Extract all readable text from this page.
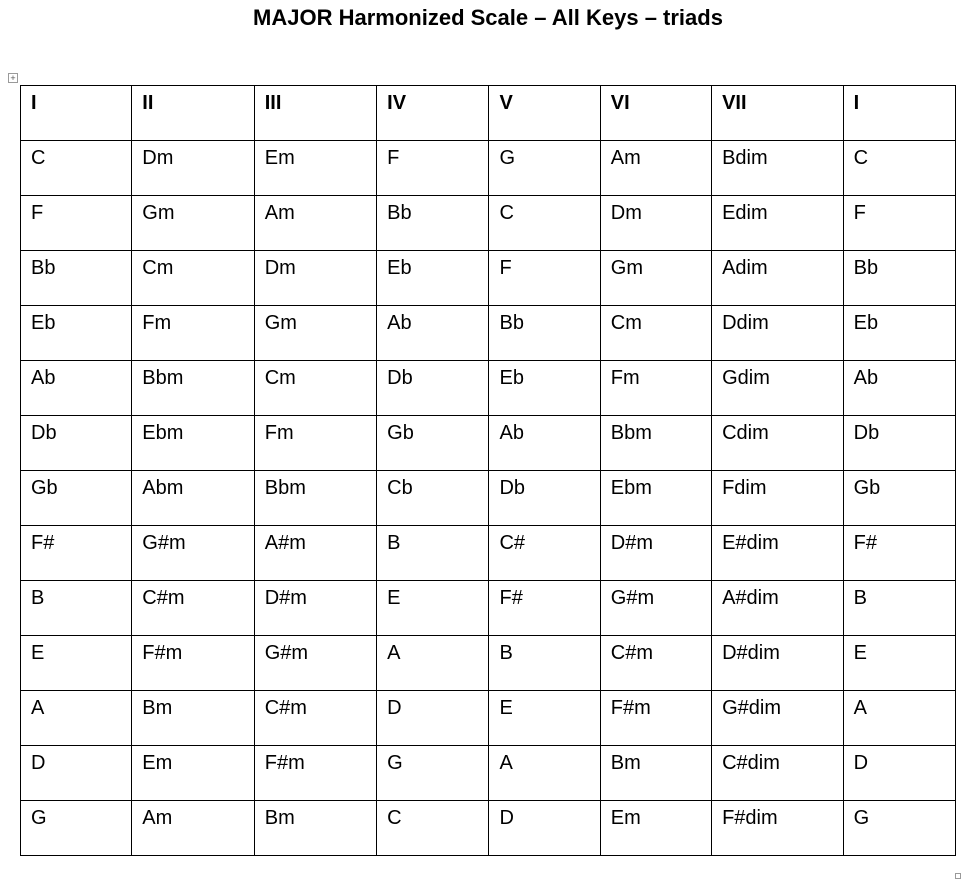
MAJOR Harmonized Scale – All Keys – triads
+
I	II	III	IV	V	VI	VII	I
C	Dm	Em	F	G	Am	Bdim	C
F	Gm	Am	Bb	C	Dm	Edim	F
Bb	Cm	Dm	Eb	F	Gm	Adim	Bb
Eb	Fm	Gm	Ab	Bb	Cm	Ddim	Eb
Ab	Bbm	Cm	Db	Eb	Fm	Gdim	Ab
Db	Ebm	Fm	Gb	Ab	Bbm	Cdim	Db
Gb	Abm	Bbm	Cb	Db	Ebm	Fdim	Gb
F#	G#m	A#m	B	C#	D#m	E#dim	F#
B	C#m	D#m	E	F#	G#m	A#dim	B
E	F#m	G#m	A	B	C#m	D#dim	E
A	Bm	C#m	D	E	F#m	G#dim	A
D	Em	F#m	G	A	Bm	C#dim	D
G	Am	Bm	C	D	Em	F#dim	G
